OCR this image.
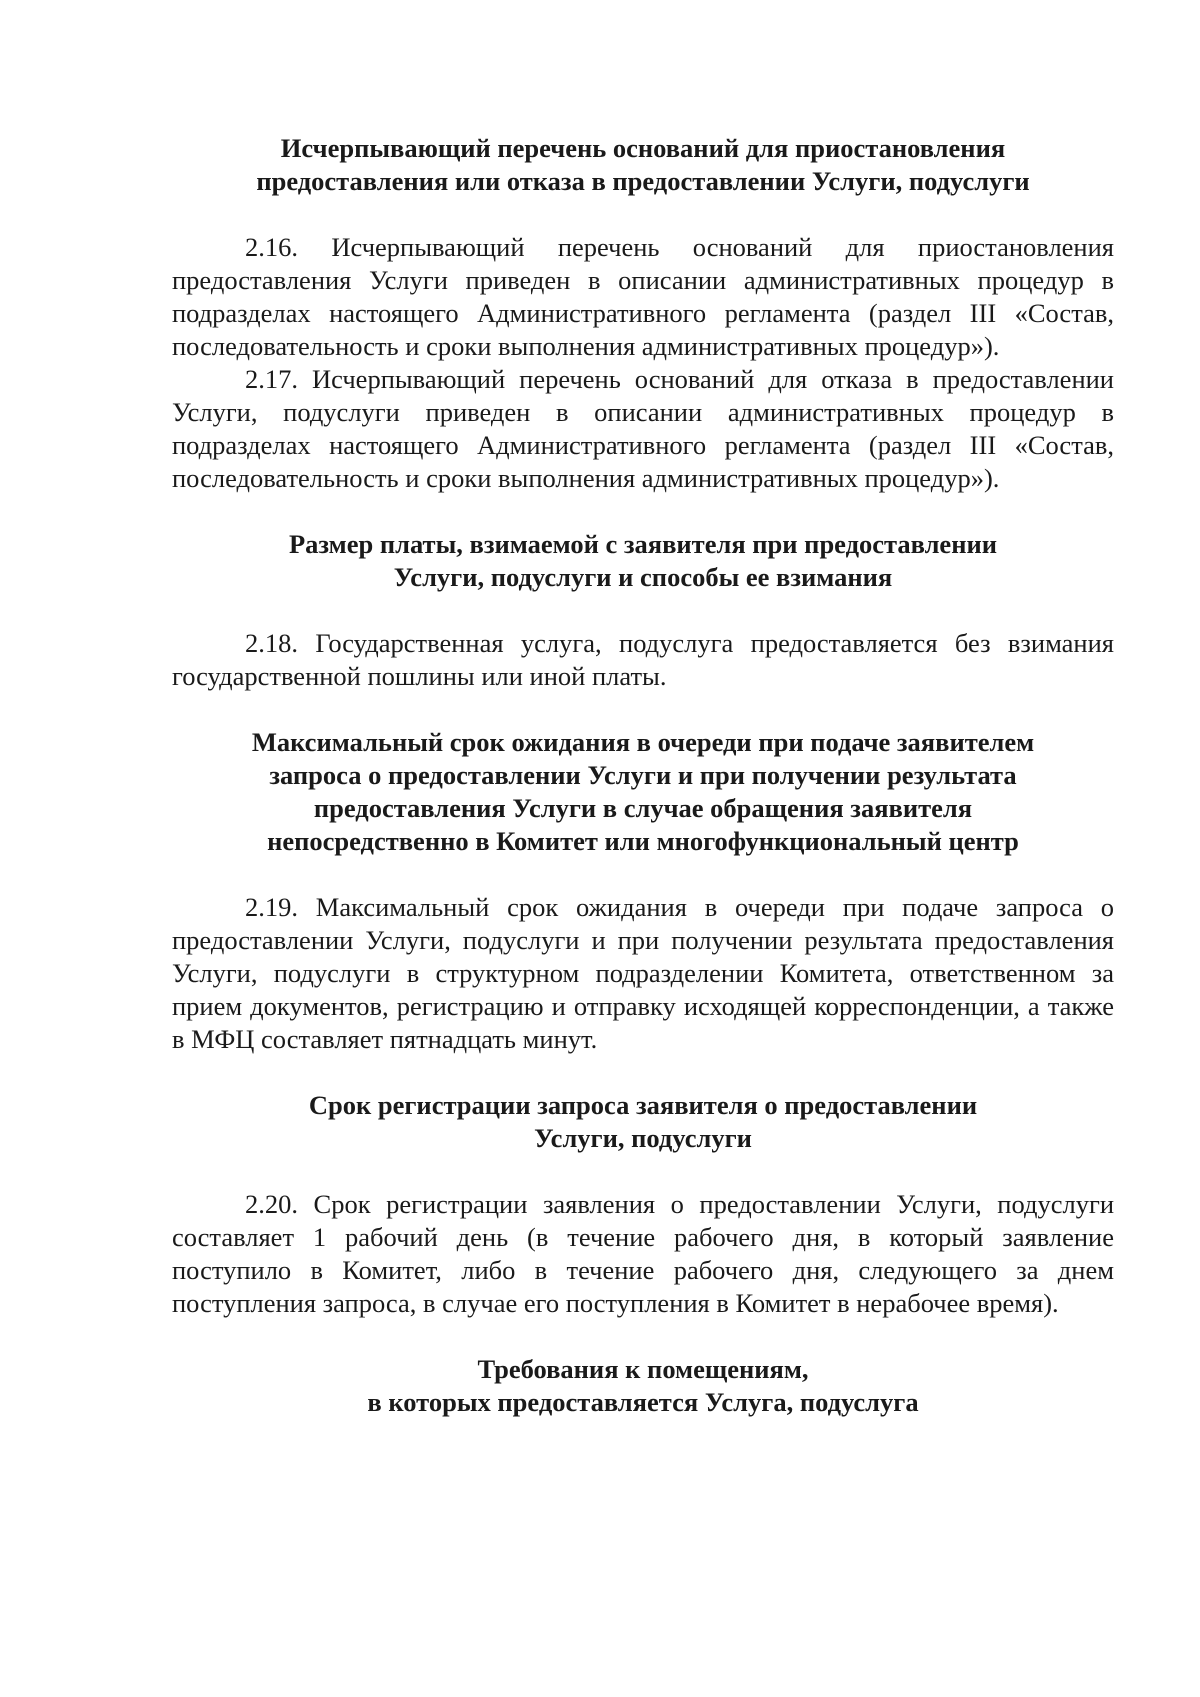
Исчерпывающий перечень оснований для приостановления
предоставления или отказа в предоставлении Услуги, подуслуги

2.16. Исчерпывающий перечень оснований для приостановления предоставления Услуги приведен в описании административных процедур в подразделах настоящего Административного регламента (раздел III «Состав, последовательность и сроки выполнения административных процедур»).

2.17. Исчерпывающий перечень оснований для отказа в предоставлении Услуги, подуслуги приведен в описании административных процедур в подразделах настоящего Административного регламента (раздел III «Состав, последовательность и сроки выполнения административных процедур»).

Размер платы, взимаемой с заявителя при предоставлении
Услуги, подуслуги и способы ее взимания

2.18. Государственная услуга, подуслуга предоставляется без взимания государственной пошлины или иной платы.

Максимальный срок ожидания в очереди при подаче заявителем
запроса о предоставлении Услуги и при получении результата
предоставления Услуги в случае обращения заявителя
непосредственно в Комитет или многофункциональный центр

2.19. Максимальный срок ожидания в очереди при подаче запроса о предоставлении Услуги, подуслуги и при получении результата предоставления Услуги, подуслуги в структурном подразделении Комитета, ответственном за прием документов, регистрацию и отправку исходящей корреспонденции, а также в МФЦ составляет пятнадцать минут.

Срок регистрации запроса заявителя о предоставлении
Услуги, подуслуги

2.20. Срок регистрации заявления о предоставлении Услуги, подуслуги составляет 1 рабочий день (в течение рабочего дня, в который заявление поступило в Комитет, либо в течение рабочего дня, следующего за днем поступления запроса, в случае его поступления в Комитет в нерабочее время).

Требования к помещениям,
в которых предоставляется Услуга, подуслуга
